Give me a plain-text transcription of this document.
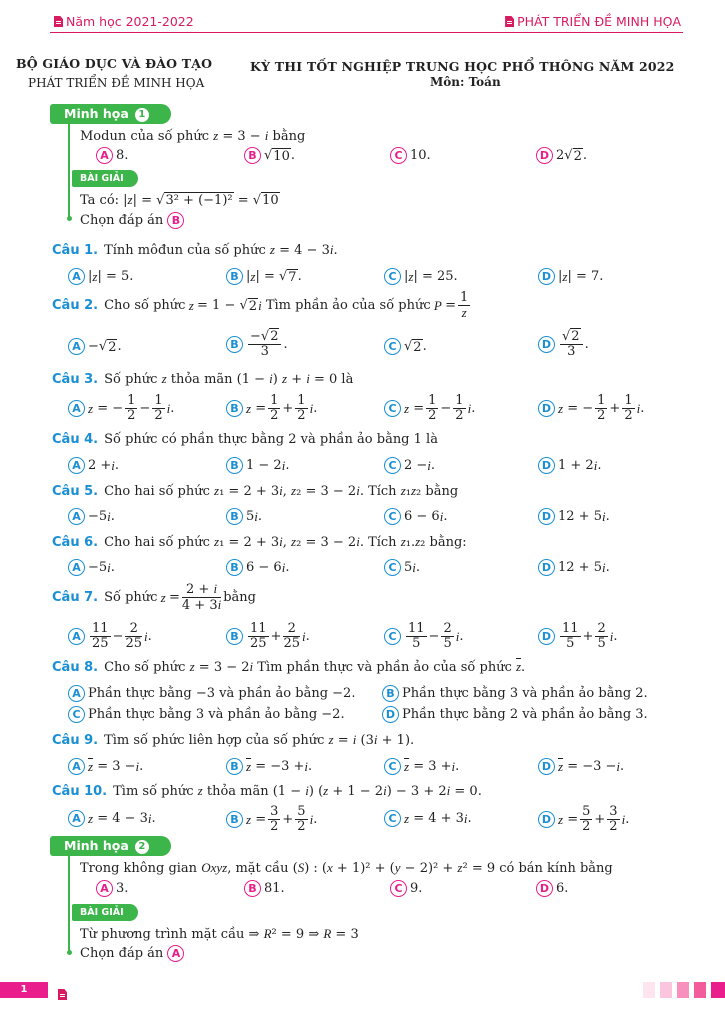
Năm học 2021-2022	PHÁT TRIỂN ĐỀ MINH HỌA
BỘ GIÁO DỤC VÀ ĐÀO TẠO
PHÁT TRIỂN ĐỀ MINH HỌA
KỲ THI TỐT NGHIỆP TRUNG HỌC PHỔ THÔNG NĂM 2022
Môn: Toán
Minh họa 1
Modun của số phức z = 3 − i bằng
A 8.	B √ 10 .	C 10.	D 2√ 2 .
BÀI GIẢI
Ta có: |z| = √3² + (−1)² = √10
Chọn đáp án
B
Câu 1. Tính môđun của số phức z = 4 − 3i.
A | z | = 5.	B | z | = √ 7 .	C | z | = 25.	D | z | = 7.
Câu 2. Cho số phức z = 1 − √ 2 i Tìm phần ảo của số phức $P = \frac{1}{z}$
A −√ 2 .	B $\frac{-√2}{3}$ .	C √ 2 .	D $\frac{√2}{3}$ .
Câu 3. Số phức z thỏa mãn (1 − i) z + i = 0 là
A z = − $\frac{1}{2} - \frac{1}{2}$ i .	B $z = \frac{1}{2} + \frac{1}{2}$ i .	C $z = \frac{1}{2} - \frac{1}{2}$ i .	D z = − $\frac{1}{2} + \frac{1}{2}$ i .
Câu 4. Số phức có phần thực bằng 2 và phần ảo bằng 1 là
A 2 + i .	B 1 − 2 i .	C 2 − i .	D 1 + 2 i .
Câu 5. Cho hai số phức z₁ = 2 + 3i, z₂ = 3 − 2i. Tích z₁z₂ bằng
A −5 i .	B 5 i .	C 6 − 6 i .	D 12 + 5 i .
Câu 6. Cho hai số phức z₁ = 2 + 3i, z₂ = 3 − 2i. Tích z₁.z₂ bằng:
A −5 i .	B 6 − 6 i .	C 5 i .	D 12 + 5 i .
Câu 7. Số phức $z = \frac{2 + i}{4 + 3i}$ bằng
A $\frac{11}{25} - \frac{2}{25}$ i .	B $\frac{11}{25} + \frac{2}{25}$ i .	C $\frac{11}{5} - \frac{2}{5}$ i .	D $\frac{11}{5} + \frac{2}{5}$ i .
Câu 8. Cho số phức z = 3 − 2i Tìm phần thực và phần ảo của số phức $\overline{z}$.
A Phần thực bằng −3 và phần ảo bằng −2.	B Phần thực bằng 3 và phần ảo bằng 2.
C Phần thực bằng 3 và phần ảo bằng −2.	D Phần thực bằng 2 và phần ảo bằng 3.
Câu 9. Tìm số phức liên hợp của số phức z = i (3i + 1).
A $\overline{z} = 3 - i$ .	B $\overline{z} = -3 + i$ .	C $\overline{z} = 3 + i$ .	D $\overline{z} = -3 - i$ .
Câu 10. Tìm số phức z thỏa mãn (1 − i) (z + 1 − 2i) − 3 + 2i = 0.
A z = 4 − 3 i .	B $z = \frac{3}{2} + \frac{5}{2}$ i .	C z = 4 + 3 i .	D $z = \frac{5}{2} + \frac{3}{2}$ i .
Minh họa 2
Trong không gian Oxyz, mặt cầu (S) : (x + 1)² + (y − 2)² + z² = 9 có bán kính bằng
A 3.	B 81.	C 9.	D 6.
BÀI GIẢI
Từ phương trình mặt cầu ⇒ R² = 9 ⇒ R = 3
Chọn đáp án
A
1
